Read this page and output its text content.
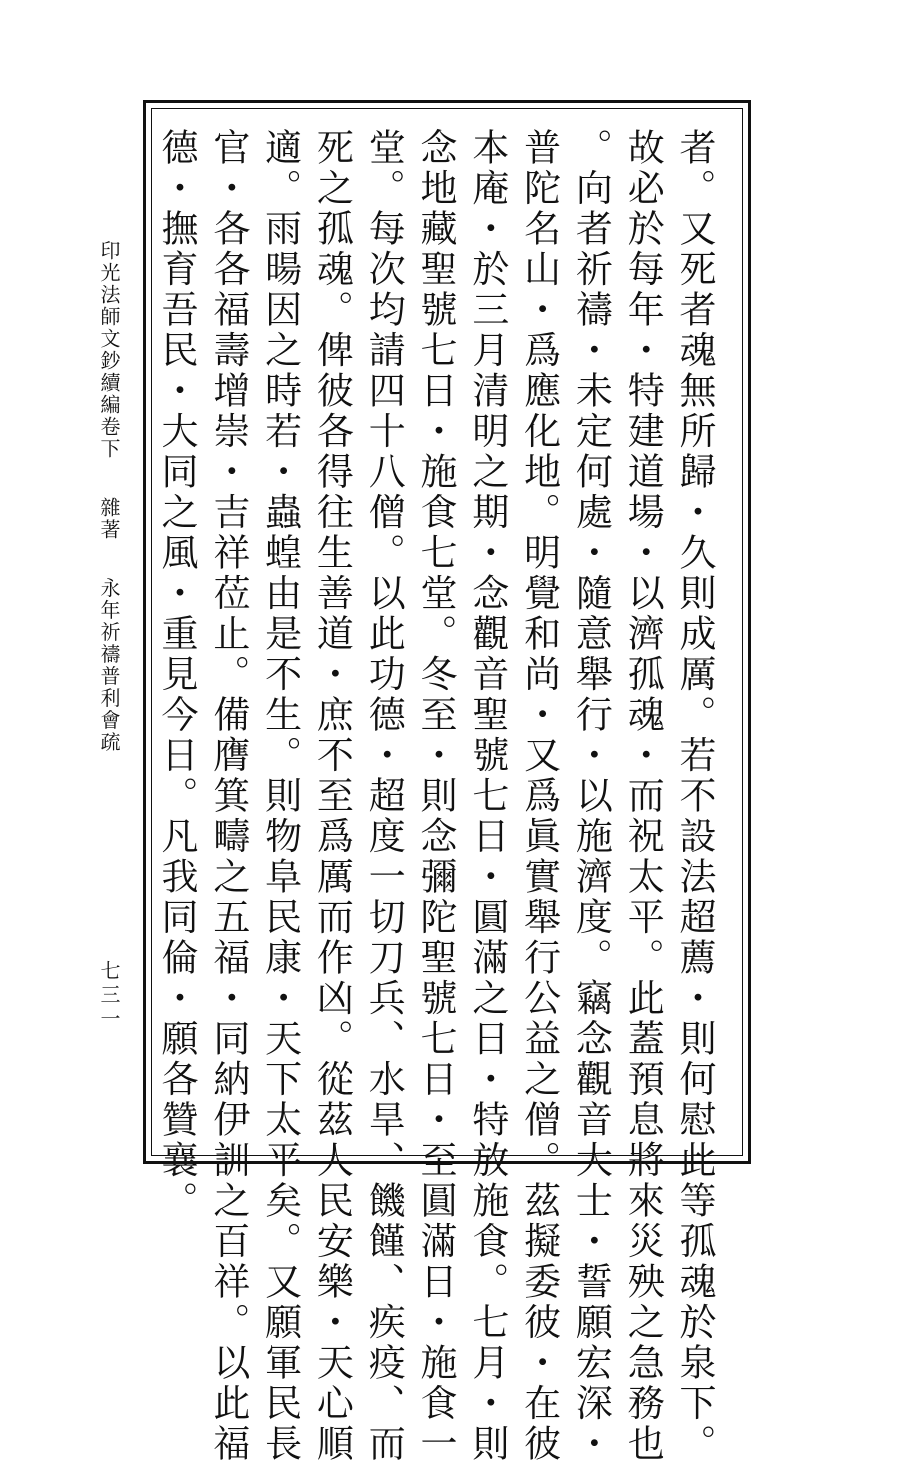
印光法師文鈔續編卷下  雜著  永年祈禱普利會疏
七三一	者。又死者魂無所歸・久則成厲。若不設法超薦・則何慰此等孤魂於泉下。
故必於每年・特建道場・以濟孤魂・而祝太平。此蓋預息將來災殃之急務也
。向者祈禱・未定何處・隨意舉行・以施濟度。竊念觀音大士・誓願宏深・
普陀名山・爲應化地。明覺和尚・又爲眞實舉行公益之僧。茲擬委彼・在彼
本庵・於三月清明之期・念觀音聖號七日・圓滿之日・特放施食。七月・則
念地藏聖號七日・施食七堂。冬至・則念彌陀聖號七日・至圓滿日・施食一
堂。每次均請四十八僧。以此功德・超度一切刀兵、水旱、饑饉、疾疫、而
死之孤魂。俾彼各得往生善道・庶不至爲厲而作凶。從茲人民安樂・天心順
適。雨暘因之時若・蟲蝗由是不生。則物阜民康・天下太平矣。又願軍民長
官・各各福壽增崇・吉祥莅止。備膺箕疇之五福・同納伊訓之百祥。以此福
德・撫育吾民・大同之風・重見今日。凡我同倫・願各贊襄。
